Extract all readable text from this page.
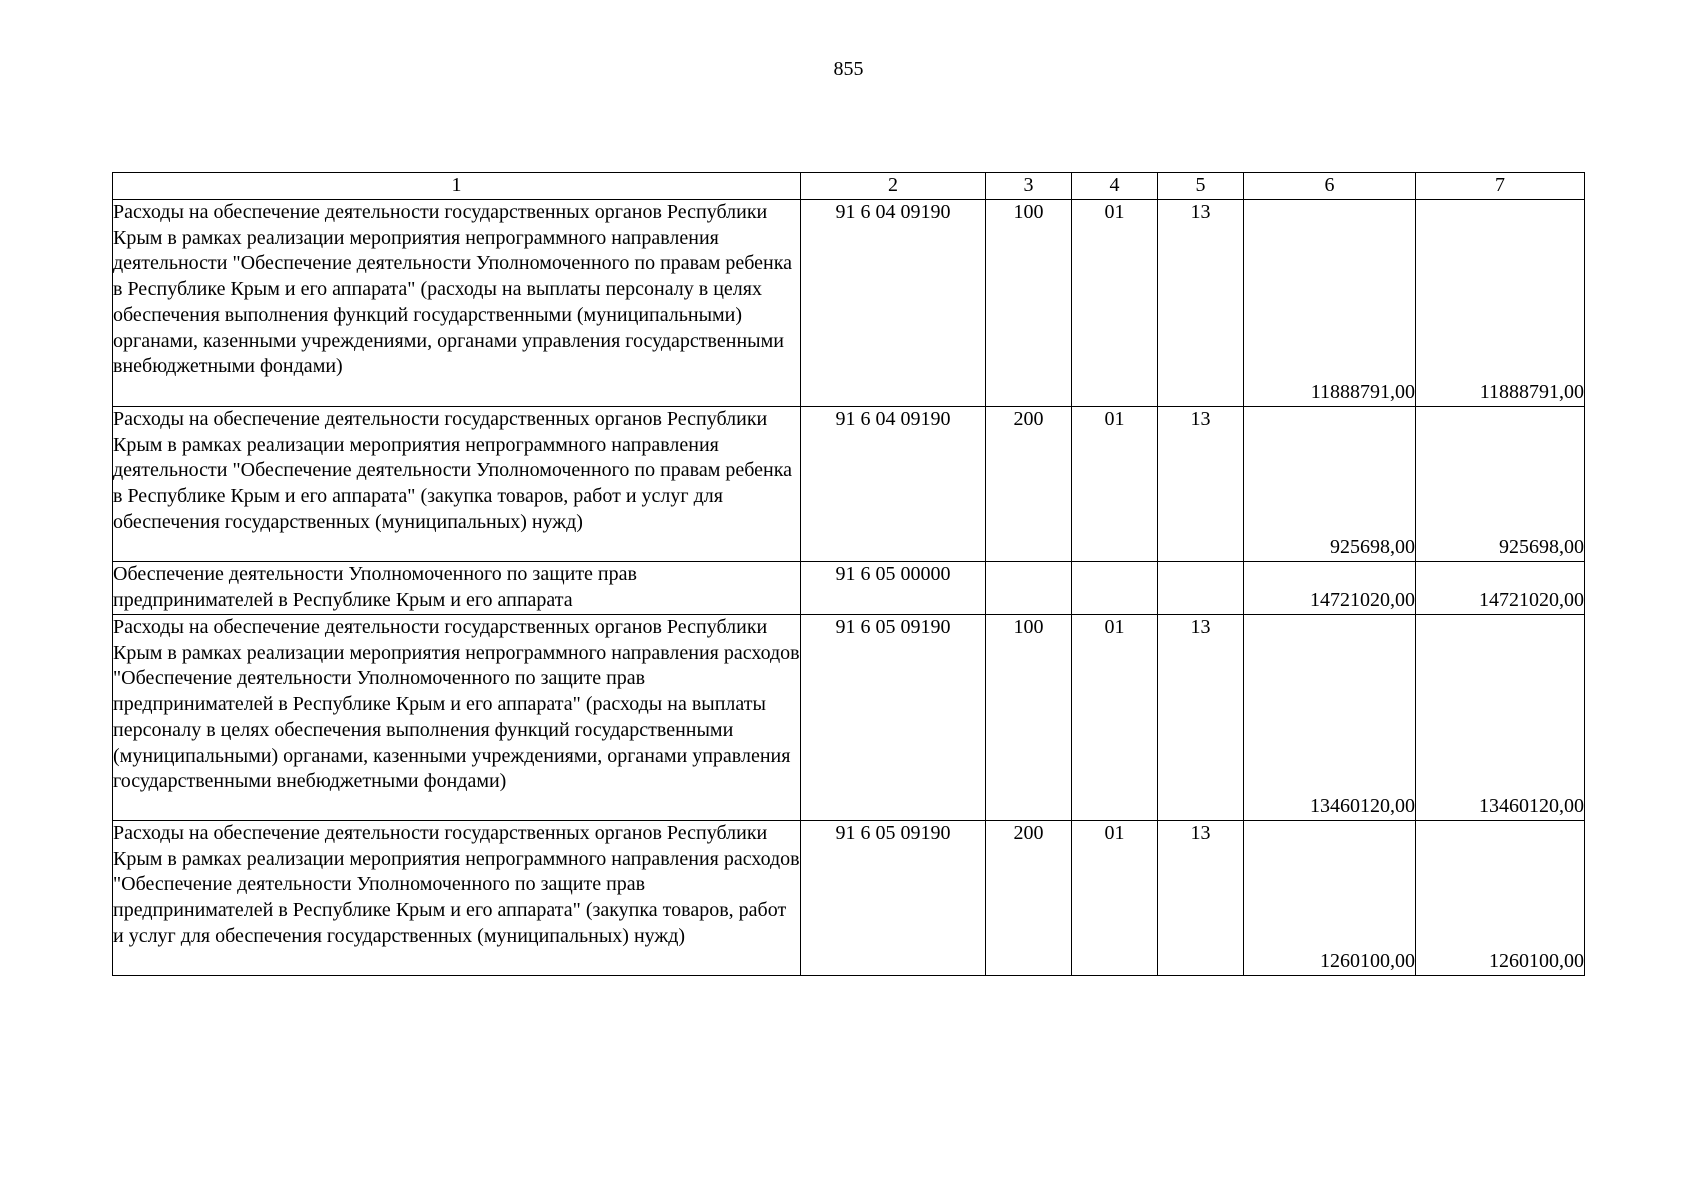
855
1	2	3	4	5	6	7
Расходы на обеспечение деятельности государственных органов Республики Крым в рамках реализации мероприятия непрограммного направления деятельности "Обеспечение деятельности Уполномоченного по правам ребенка в Республике Крым и его аппарата" (расходы на выплаты персоналу в целях обеспечения выполнения функций государственными (муниципальными) органами, казенными учреждениями, органами управления государственными внебюджетными фондами)	91 6 04 09190	100	01	13	11888791,00	11888791,00
Расходы на обеспечение деятельности государственных органов Республики Крым в рамках реализации мероприятия непрограммного направления деятельности "Обеспечение деятельности Уполномоченного по правам ребенка в Республике Крым и его аппарата" (закупка товаров, работ и услуг для обеспечения государственных (муниципальных) нужд)	91 6 04 09190	200	01	13	925698,00	925698,00
Обеспечение деятельности Уполномоченного по защите прав предпринимателей в Республике Крым и его аппарата	91 6 05 00000				14721020,00	14721020,00
Расходы на обеспечение деятельности государственных органов Республики Крым в рамках реализации мероприятия непрограммного направления расходов "Обеспечение деятельности Уполномоченного по защите прав предпринимателей в Республике Крым и его аппарата" (расходы на выплаты персоналу в целях обеспечения выполнения функций государственными (муниципальными) органами, казенными учреждениями, органами управления государственными внебюджетными фондами)	91 6 05 09190	100	01	13	13460120,00	13460120,00
Расходы на обеспечение деятельности государственных органов Республики Крым в рамках реализации мероприятия непрограммного направления расходов "Обеспечение деятельности Уполномоченного по защите прав предпринимателей в Республике Крым и его аппарата" (закупка товаров, работ и услуг для обеспечения государственных (муниципальных) нужд)	91 6 05 09190	200	01	13	1260100,00	1260100,00
